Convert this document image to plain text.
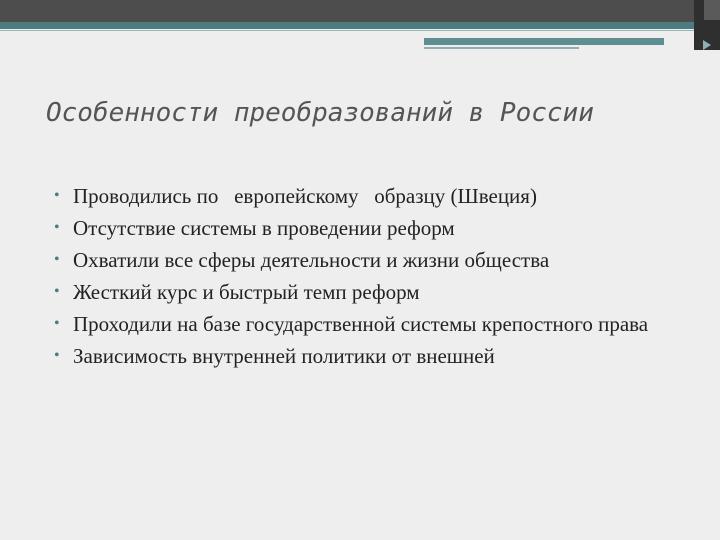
Особенности преобразований в России
• Проводились по   европейскому   образцу (Швеция)
• Отсутствие системы в проведении реформ
• Охватили все сферы деятельности и жизни общества
• Жесткий курс и быстрый темп реформ
• Проходили на базе государственной системы крепостного права
• Зависимость внутренней политики от внешней
